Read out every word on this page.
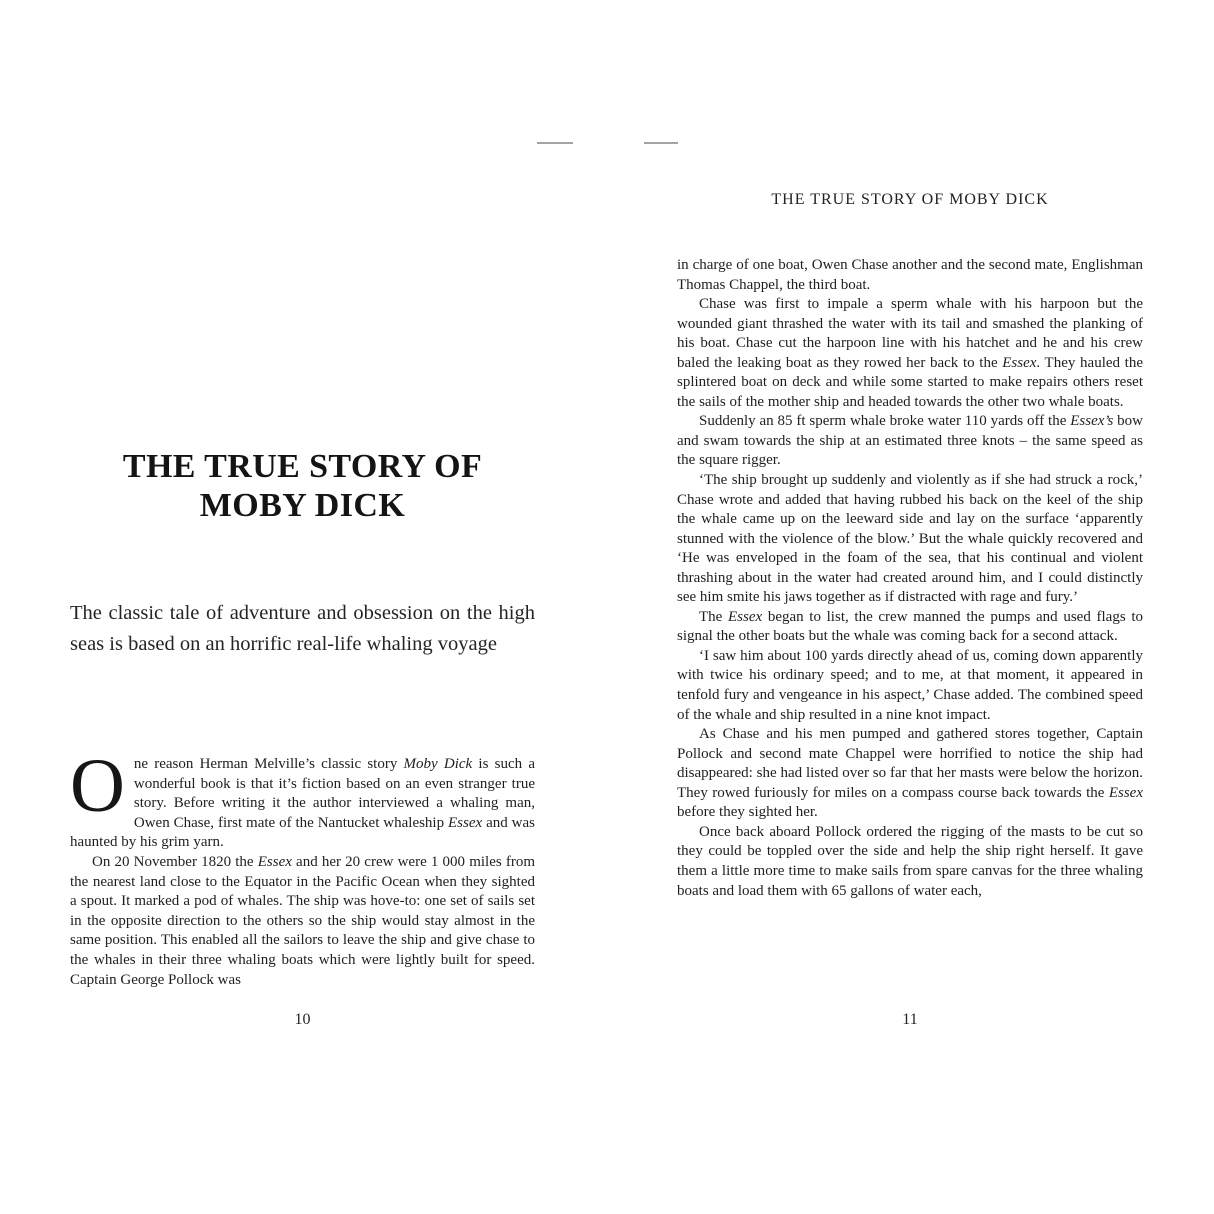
THE TRUE STORY OF
MOBY DICK
The classic tale of adventure and obsession on the high seas is based on an horrific real-life whaling voyage

One reason Herman Melville’s classic story Moby Dick is such a wonderful book is that it’s fiction based on an even stranger true story. Before writing it the author interviewed a whaling man, Owen Chase, first mate of the Nantucket whaleship Essex and was haunted by his grim yarn.

On 20 November 1820 the Essex and her 20 crew were 1 000 miles from the nearest land close to the Equator in the Pacific Ocean when they sighted a spout. It marked a pod of whales. The ship was hove-to: one set of sails set in the opposite direction to the others so the ship would stay almost in the same position. This enabled all the sailors to leave the ship and give chase to the whales in their three whaling boats which were lightly built for speed. Captain George Pollock was

10
THE TRUE STORY OF MOBY DICK

in charge of one boat, Owen Chase another and the second mate, Englishman Thomas Chappel, the third boat.

Chase was first to impale a sperm whale with his harpoon but the wounded giant thrashed the water with its tail and smashed the planking of his boat. Chase cut the harpoon line with his hatchet and he and his crew baled the leaking boat as they rowed her back to the Essex. They hauled the splintered boat on deck and while some started to make repairs others reset the sails of the mother ship and headed towards the other two whale boats.

Suddenly an 85 ft sperm whale broke water 110 yards off the Essex’s bow and swam towards the ship at an estimated three knots – the same speed as the square rigger.

‘The ship brought up suddenly and violently as if she had struck a rock,’ Chase wrote and added that having rubbed his back on the keel of the ship the whale came up on the leeward side and lay on the surface ‘apparently stunned with the violence of the blow.’ But the whale quickly recovered and ‘He was enveloped in the foam of the sea, that his continual and violent thrashing about in the water had created around him, and I could distinctly see him smite his jaws together as if distracted with rage and fury.’

The Essex began to list, the crew manned the pumps and used flags to signal the other boats but the whale was coming back for a second attack.

‘I saw him about 100 yards directly ahead of us, coming down apparently with twice his ordinary speed; and to me, at that moment, it appeared in tenfold fury and vengeance in his aspect,’ Chase added. The combined speed of the whale and ship resulted in a nine knot impact.

As Chase and his men pumped and gathered stores together, Captain Pollock and second mate Chappel were horrified to notice the ship had disappeared: she had listed over so far that her masts were below the horizon. They rowed furiously for miles on a compass course back towards the Essex before they sighted her.

Once back aboard Pollock ordered the rigging of the masts to be cut so they could be toppled over the side and help the ship right herself. It gave them a little more time to make sails from spare canvas for the three whaling boats and load them with 65 gallons of water each,

11
